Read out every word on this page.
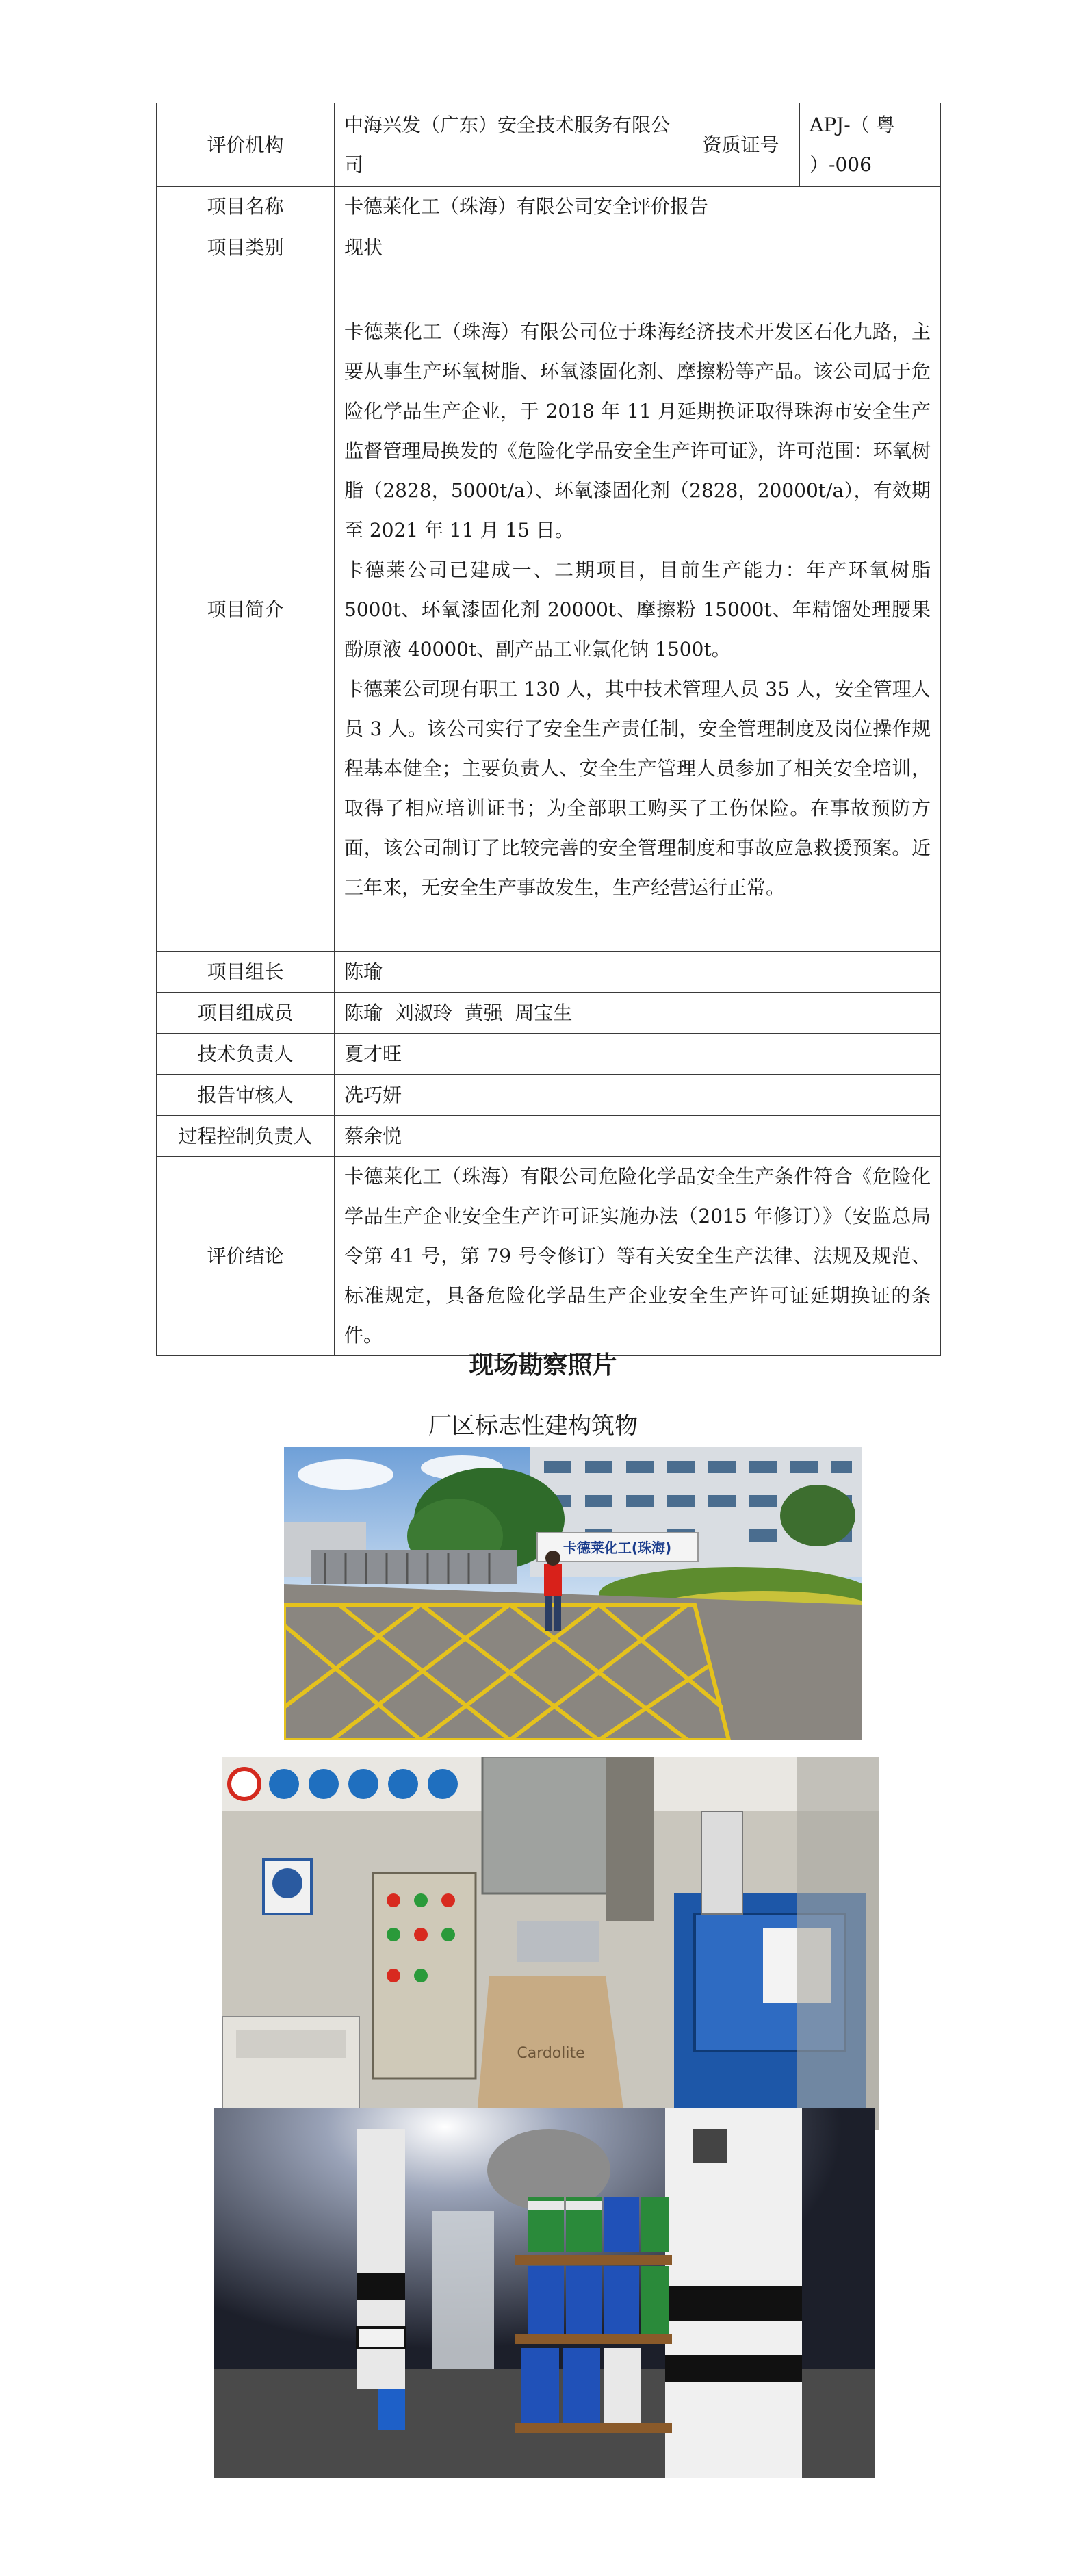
评价机构	中海兴发（广东）安全技术服务有限公司	资质证号	APJ-（ 粤 ）-006
项目名称	卡德莱化工（珠海）有限公司安全评价报告		
项目类别	现状		
项目简介	卡德莱化工（珠海）有限公司位于珠海经济技术开发区石化九路，主要从事生产环氧树脂、环氧漆固化剂、摩擦粉等产品。该公司属于危险化学品生产企业，于 2018 年 11 月延期换证取得珠海市安全生产监督管理局换发的《危险化学品安全生产许可证》，许可范围：环氧树脂（2828，5000t/a）、环氧漆固化剂（2828，20000t/a），有效期至 2021 年 11 月 15 日。

卡德莱公司已建成一、二期项目，目前生产能力：年产环氧树脂 5000t、环氧漆固化剂 20000t、摩擦粉 15000t、年精馏处理腰果酚原液 40000t、副产品工业氯化钠 1500t。

卡德莱公司现有职工 130 人，其中技术管理人员 35 人，安全管理人员 3 人。该公司实行了安全生产责任制，安全管理制度及岗位操作规程基本健全；主要负责人、安全生产管理人员参加了相关安全培训，取得了相应培训证书；为全部职工购买了工伤保险。在事故预防方面，该公司制订了比较完善的安全管理制度和事故应急救援预案。近三年来，无安全生产事故发生，生产经营运行正常。		

项目组长	陈瑜		
项目组成员	陈瑜  刘淑玲  黄强  周宝生		
技术负责人	夏才旺		
报告审核人	冼巧妍		
过程控制负责人	蔡余悦		
评价结论	卡德莱化工（珠海）有限公司危险化学品安全生产条件符合《危险化学品生产企业安全生产许可证实施办法（2015 年修订）》（安监总局令第 41 号，第 79 号令修订）等有关安全生产法律、法规及规范、标准规定，具备危险化学品生产企业安全生产许可证延期换证的条件。		
现场勘察照片
厂区标志性建构筑物
卡德莱化工(珠海)
Cardolite
